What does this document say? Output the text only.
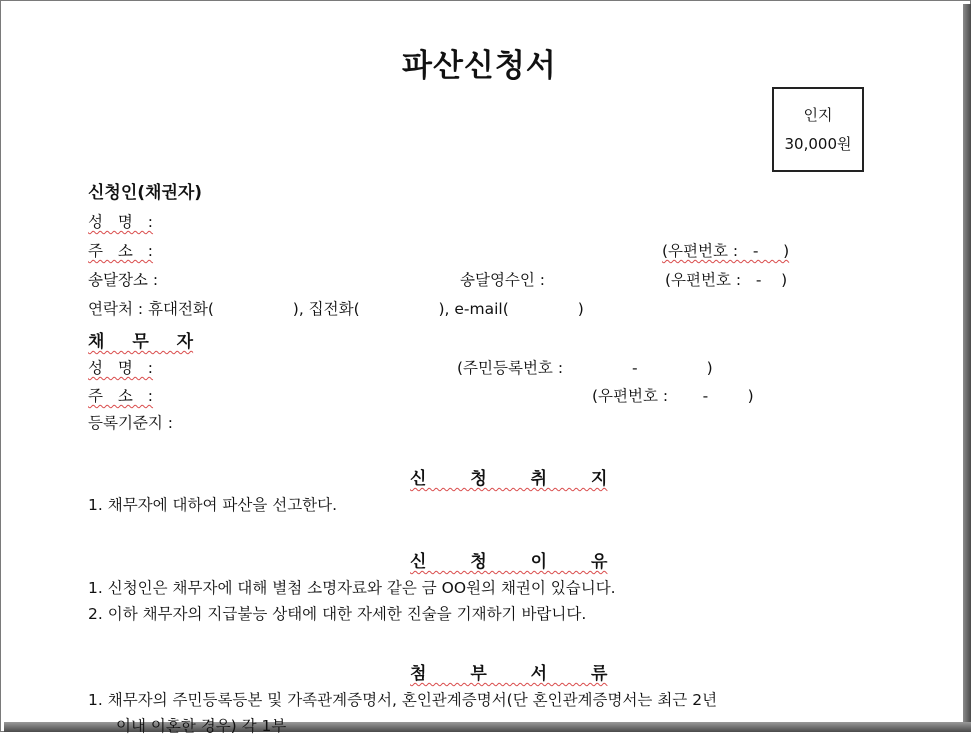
파산신청서
인지
30,000원
신청인(채권자)
성 명 :
주 소 :	(우편번호 :   -     )
송달장소 :	송달영수인 :	(우편번호 :   -    )
연락처 : 휴대전화(                ), 집전화(                ), e-mail(              )
채 무 자
성 명 :	(주민등록번호 :              -              )
주 소 :	(우편번호 :       -        )
등록기준지 :
신 청 취 지
1. 채무자에 대하여 파산을 선고한다.
신 청 이 유
1. 신청인은 채무자에 대해 별첨 소명자료와 같은 금 OO원의 채권이 있습니다.
2. 이하 채무자의 지급불능 상태에 대한 자세한 진술을 기재하기 바랍니다.
첨 부 서 류
1. 채무자의 주민등록등본 및 가족관계증명서, 혼인관계증명서(단 혼인관계증명서는 최근 2년
이내 이혼한 경우) 각 1부
